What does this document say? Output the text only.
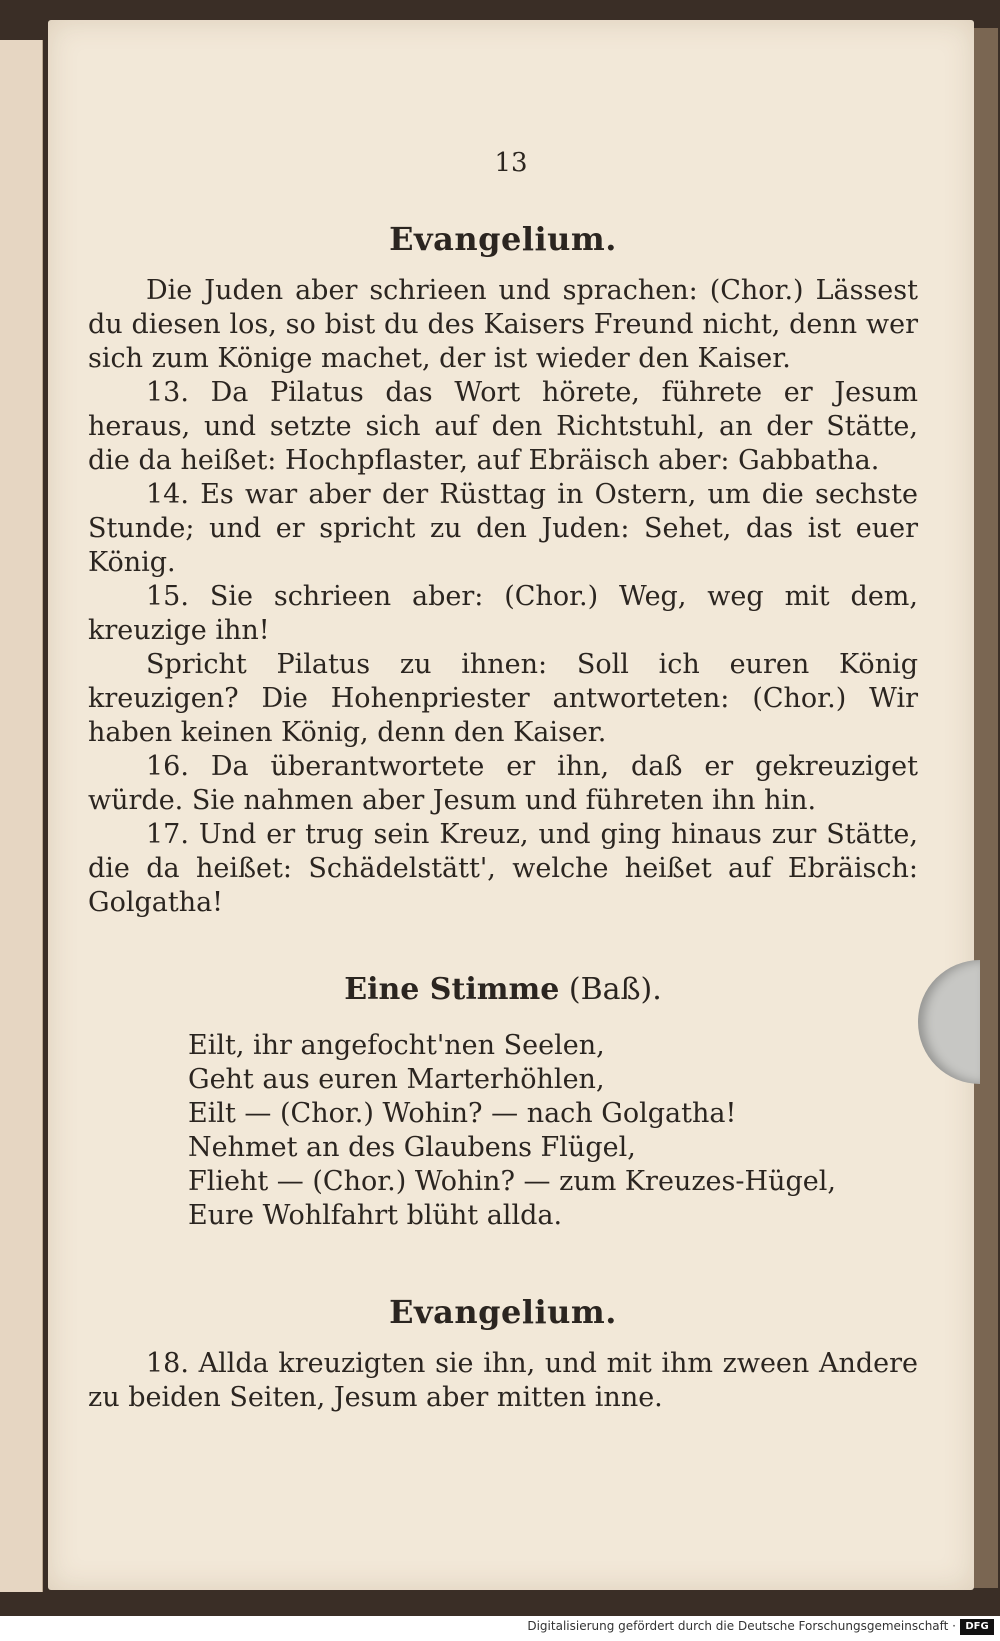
13
Evangelium.

Die Juden aber schrieen und sprachen: (Chor.) Lässest du diesen los, so bist du des Kaisers Freund nicht, denn wer sich zum Könige machet, der ist wieder den Kaiser.

13. Da Pilatus das Wort hörete, führete er Jesum heraus, und setzte sich auf den Richtstuhl, an der Stätte, die da heißet: Hochpflaster, auf Ebräisch aber: Gabbatha.

14. Es war aber der Rüsttag in Ostern, um die sechste Stunde; und er spricht zu den Juden: Sehet, das ist euer König.

15. Sie schrieen aber: (Chor.) Weg, weg mit dem, kreuzige ihn!

Spricht Pilatus zu ihnen: Soll ich euren König kreuzigen? Die Hohenpriester antworteten: (Chor.) Wir haben keinen König, denn den Kaiser.

16. Da überantwortete er ihn, daß er gekreuziget würde. Sie nahmen aber Jesum und führeten ihn hin.

17. Und er trug sein Kreuz, und ging hinaus zur Stätte, die da heißet: Schädelstätt', welche heißet auf Ebräisch: Golgatha!

Eine Stimme (Baß).

Eilt, ihr angefocht'nen Seelen,

Geht aus euren Marterhöhlen,

Eilt — (Chor.) Wohin? — nach Golgatha!

Nehmet an des Glaubens Flügel,

Flieht — (Chor.) Wohin? — zum Kreuzes-Hügel,

Eure Wohlfahrt blüht allda.

Evangelium.

18. Allda kreuzigten sie ihn, und mit ihm zween Andere zu beiden Seiten, Jesum aber mitten inne.

Digitalisierung gefördert durch die Deutsche Forschungsgemeinschaft · DFG
